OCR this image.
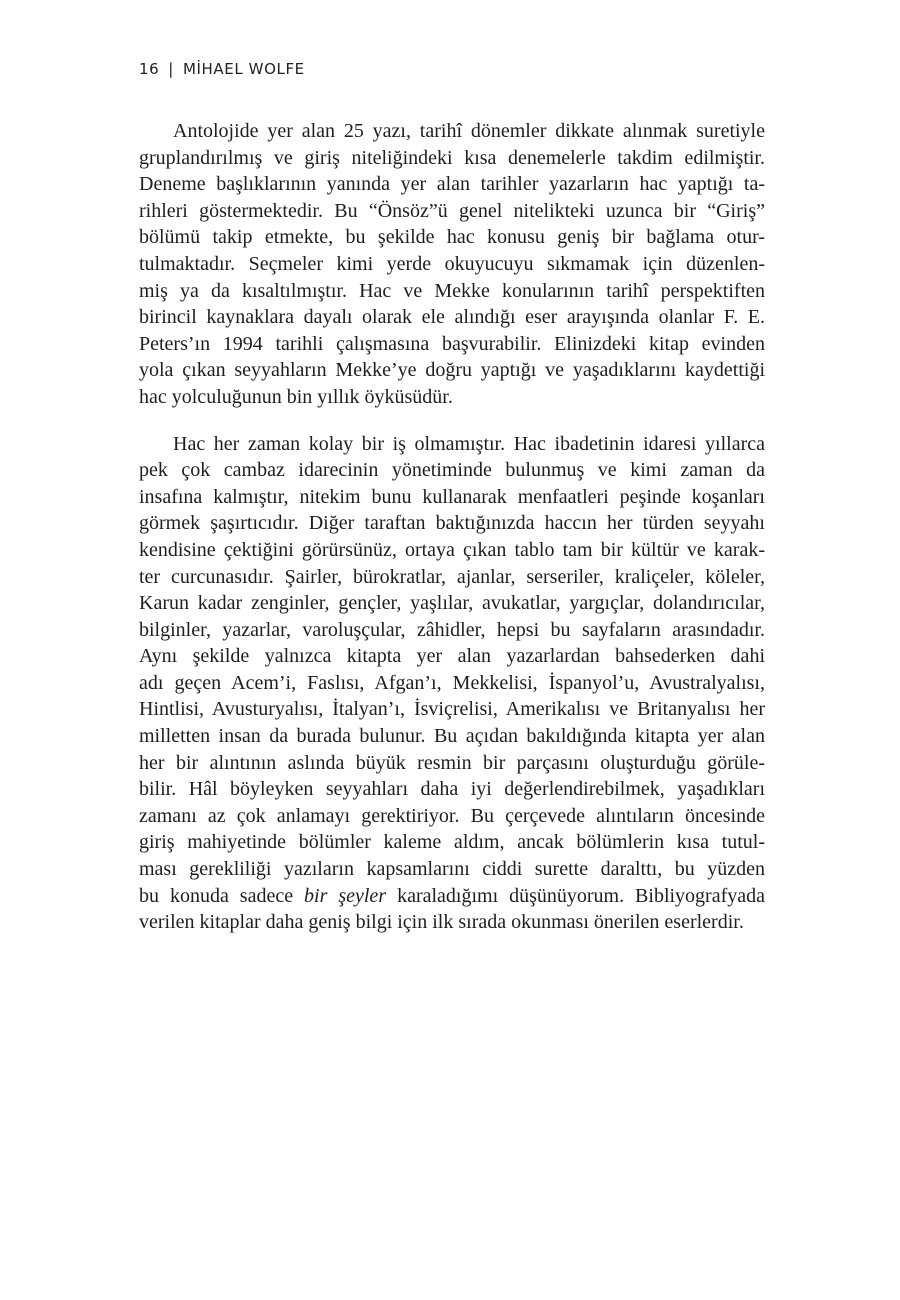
16 | MİHAEL WOLFE
Antolojide yer alan 25 yazı, tarihî dönemler dikkate alınmak suretiyle
gruplandırılmış ve giriş niteliğindeki kısa denemelerle takdim edilmiştir.
Deneme başlıklarının yanında yer alan tarihler yazarların hac yaptığı ta-
rihleri göstermektedir. Bu “Önsöz”ü genel nitelikteki uzunca bir “Giriş”
bölümü takip etmekte, bu şekilde hac konusu geniş bir bağlama otur-
tulmaktadır. Seçmeler kimi yerde okuyucuyu sıkmamak için düzenlen-
miş ya da kısaltılmıştır. Hac ve Mekke konularının tarihî perspektiften
birincil kaynaklara dayalı olarak ele alındığı eser arayışında olanlar F. E.
Peters’ın 1994 tarihli çalışmasına başvurabilir. Elinizdeki kitap evinden
yola çıkan seyyahların Mekke’ye doğru yaptığı ve yaşadıklarını kaydettiği
hac yolculuğunun bin yıllık öyküsüdür.
Hac her zaman kolay bir iş olmamıştır. Hac ibadetinin idaresi yıllarca
pek çok cambaz idarecinin yönetiminde bulunmuş ve kimi zaman da
insafına kalmıştır, nitekim bunu kullanarak menfaatleri peşinde koşanları
görmek şaşırtıcıdır. Diğer taraftan baktığınızda haccın her türden seyyahı
kendisine çektiğini görürsünüz, ortaya çıkan tablo tam bir kültür ve karak-
ter curcunasıdır. Şairler, bürokratlar, ajanlar, serseriler, kraliçeler, köleler,
Karun kadar zenginler, gençler, yaşlılar, avukatlar, yargıçlar, dolandırıcılar,
bilginler, yazarlar, varoluşçular, zâhidler, hepsi bu sayfaların arasındadır.
Aynı şekilde yalnızca kitapta yer alan yazarlardan bahsederken dahi
adı geçen Acem’i, Faslısı, Afgan’ı, Mekkelisi, İspanyol’u, Avustralyalısı,
Hintlisi, Avusturyalısı, İtalyan’ı, İsviçrelisi, Amerikalısı ve Britanyalısı her
milletten insan da burada bulunur. Bu açıdan bakıldığında kitapta yer alan
her bir alıntının aslında büyük resmin bir parçasını oluşturduğu görüle-
bilir. Hâl böyleyken seyyahları daha iyi değerlendirebilmek, yaşadıkları
zamanı az çok anlamayı gerektiriyor. Bu çerçevede alıntıların öncesinde
giriş mahiyetinde bölümler kaleme aldım, ancak bölümlerin kısa tutul-
ması gerekliliği yazıların kapsamlarını ciddi surette daralttı, bu yüzden
bu konuda sadece bir şeyler karaladığımı düşünüyorum. Bibliyografyada
verilen kitaplar daha geniş bilgi için ilk sırada okunması önerilen eserlerdir.
